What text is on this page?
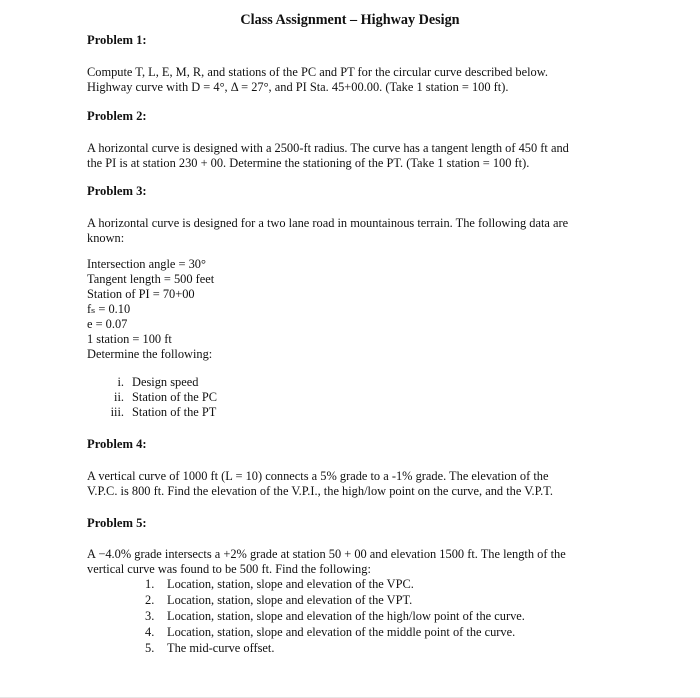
Class Assignment – Highway Design
Problem 1:
Compute T, L, E, M, R, and stations of the PC and PT for the circular curve described below.
Highway curve with D = 4°, Δ = 27°, and PI Sta. 45+00.00. (Take 1 station = 100 ft).
Problem 2:
A horizontal curve is designed with a 2500-ft radius. The curve has a tangent length of 450 ft and
the PI is at station 230 + 00. Determine the stationing of the PT. (Take 1 station = 100 ft).
Problem 3:
A horizontal curve is designed for a two lane road in mountainous terrain. The following data are
known:
Intersection angle = 30°
Tangent length = 500 feet
Station of PI = 70+00
fₛ = 0.10
e = 0.07
1 station = 100 ft
Determine the following:
i. Design speed
ii. Station of the PC
iii. Station of the PT
Problem 4:
A vertical curve of 1000 ft (L = 10) connects a 5% grade to a -1% grade. The elevation of the
V.P.C. is 800 ft. Find the elevation of the V.P.I., the high/low point on the curve, and the V.P.T.
Problem 5:
A −4.0% grade intersects a +2% grade at station 50 + 00 and elevation 1500 ft. The length of the
vertical curve was found to be 500 ft. Find the following:
1. Location, station, slope and elevation of the VPC.
2. Location, station, slope and elevation of the VPT.
3. Location, station, slope and elevation of the high/low point of the curve.
4. Location, station, slope and elevation of the middle point of the curve.
5. The mid-curve offset.
